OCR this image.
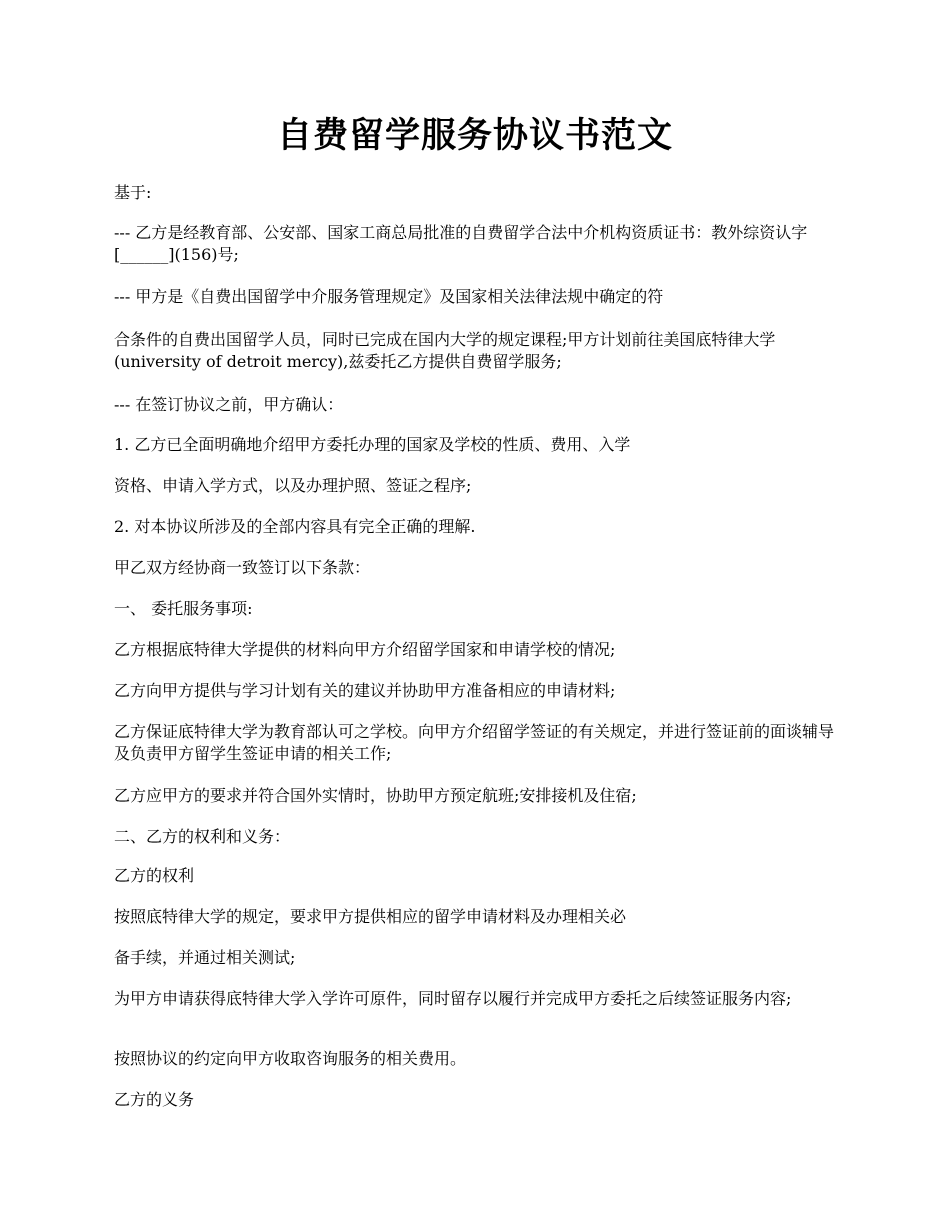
自费留学服务协议书范文

基于:

--- 乙方是经教育部、公安部、国家工商总局批准的自费留学合法中介机构资质证书：教外综资认字[______](156)号;

--- 甲方是《自费出国留学中介服务管理规定》及国家相关法律法规中确定的符

合条件的自费出国留学人员，同时已完成在国内大学的规定课程;甲方计划前往美国底特律大学(university of detroit mercy),兹委托乙方提供自费留学服务;

--- 在签订协议之前，甲方确认：

1. 乙方已全面明确地介绍甲方委托办理的国家及学校的性质、费用、入学

资格、申请入学方式，以及办理护照、签证之程序;

2. 对本协议所涉及的全部内容具有完全正确的理解.

甲乙双方经协商一致签订以下条款：

一、 委托服务事项:

乙方根据底特律大学提供的材料向甲方介绍留学国家和申请学校的情况;

乙方向甲方提供与学习计划有关的建议并协助甲方准备相应的申请材料;

乙方保证底特律大学为教育部认可之学校。向甲方介绍留学签证的有关规定，并进行签证前的面谈辅导及负责甲方留学生签证申请的相关工作;

乙方应甲方的要求并符合国外实情时，协助甲方预定航班;安排接机及住宿;

二、乙方的权利和义务：

乙方的权利

按照底特律大学的规定，要求甲方提供相应的留学申请材料及办理相关必

备手续，并通过相关测试;

为甲方申请获得底特律大学入学许可原件，同时留存以履行并完成甲方委托之后续签证服务内容;

按照协议的约定向甲方收取咨询服务的相关费用。

乙方的义务
